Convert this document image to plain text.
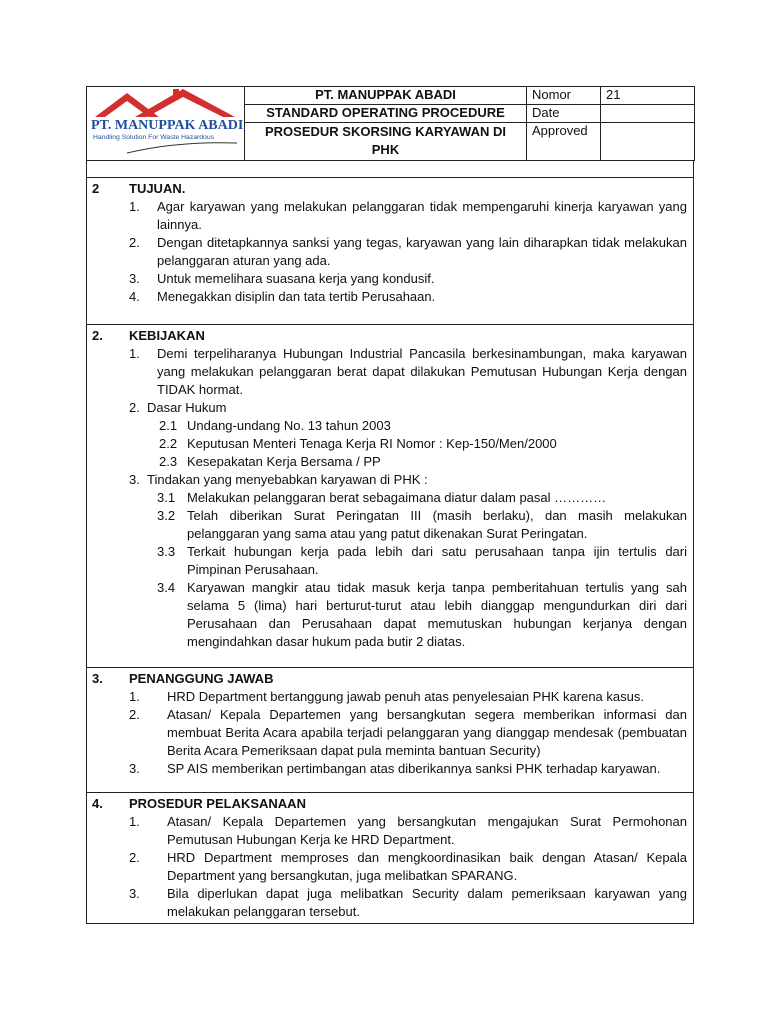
PT. MANUPPAK ABADI
Handling Solution For Waste Hazardous	PT. MANUPPAK ABADI	Nomor	21
	STANDARD OPERATING PROCEDURE	Date	
	PROSEDUR SKORSING KARYAWAN DI PHK	Approved	
2 TUJUAN.
1. Agar karyawan yang melakukan pelanggaran tidak mempengaruhi kinerja karyawan yang lainnya.
2. Dengan ditetapkannya sanksi yang tegas, karyawan yang lain diharapkan tidak melakukan pelanggaran aturan yang ada.
3. Untuk memelihara suasana kerja yang kondusif.
4. Menegakkan disiplin dan tata tertib Perusahaan.
2. KEBIJAKAN
1. Demi terpeliharanya Hubungan Industrial Pancasila berkesinambungan, maka karyawan yang melakukan pelanggaran berat dapat dilakukan Pemutusan Hubungan Kerja dengan TIDAK hormat.
2. Dasar Hukum
2.1 Undang-undang No. 13 tahun 2003
2.2 Keputusan Menteri Tenaga Kerja RI Nomor : Kep-150/Men/2000
2.3 Kesepakatan Kerja Bersama / PP
3. Tindakan yang menyebabkan karyawan di PHK :
3.1 Melakukan pelanggaran berat sebagaimana diatur dalam pasal …………
3.2 Telah diberikan Surat Peringatan III (masih berlaku), dan masih melakukan pelanggaran yang sama atau yang patut dikenakan Surat Peringatan.
3.3 Terkait hubungan kerja pada lebih dari satu perusahaan tanpa ijin tertulis dari Pimpinan Perusahaan.
3.4 Karyawan mangkir atau tidak masuk kerja tanpa pemberitahuan tertulis yang sah selama 5 (lima) hari berturut-turut atau lebih dianggap mengundurkan diri dari Perusahaan dan Perusahaan dapat memutuskan hubungan kerjanya dengan mengindahkan dasar hukum pada butir 2 diatas.
3. PENANGGUNG JAWAB
1. HRD Department bertanggung jawab penuh atas penyelesaian PHK karena kasus.
2. Atasan/ Kepala Departemen yang bersangkutan segera memberikan informasi dan membuat Berita Acara apabila terjadi pelanggaran yang dianggap mendesak (pembuatan Berita Acara Pemeriksaan dapat pula meminta bantuan Security)
3. SP AIS memberikan pertimbangan atas diberikannya sanksi PHK terhadap karyawan.
4. PROSEDUR PELAKSANAAN
1. Atasan/ Kepala Departemen yang bersangkutan mengajukan Surat Permohonan Pemutusan Hubungan Kerja ke HRD Department.
2. HRD Department memproses dan mengkoordinasikan baik dengan Atasan/ Kepala Department yang bersangkutan, juga melibatkan SPARANG.
3. Bila diperlukan dapat juga melibatkan Security dalam pemeriksaan karyawan yang melakukan pelanggaran tersebut.
